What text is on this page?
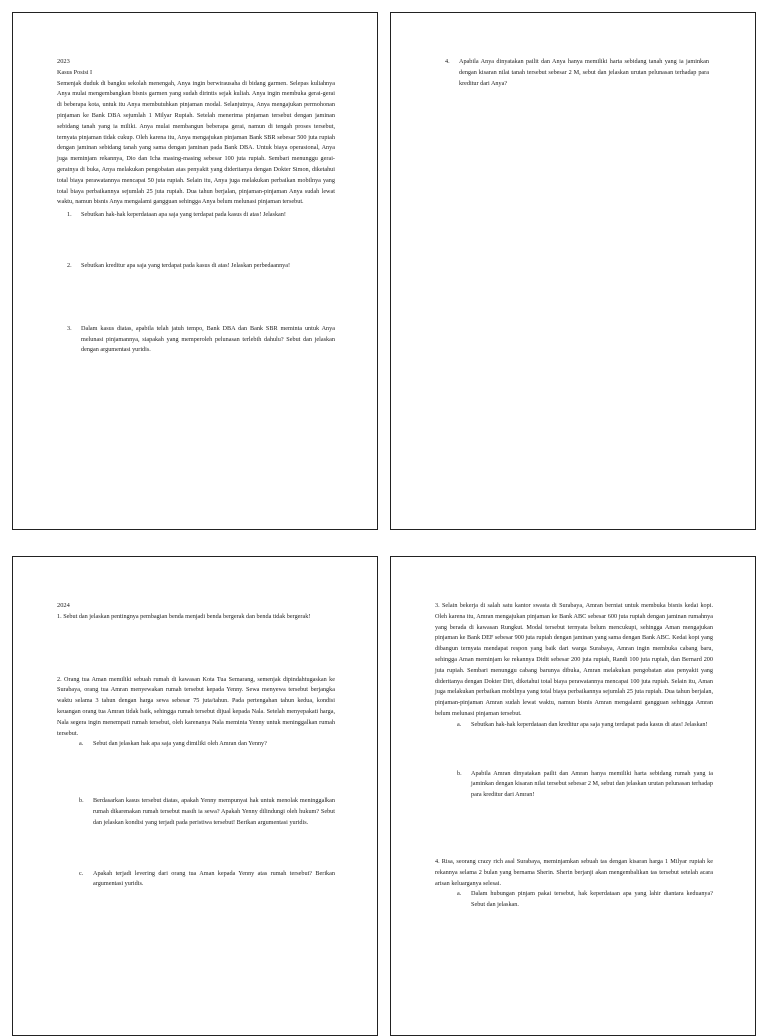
2023
Kasus Posisi I
Semenjak duduk di bangku sekolah menengah, Anya ingin berwirausaha di bidang garmen. Selepas kuliahnya Anya mulai mengembangkan bisnis garmen yang sudah dirintis sejak kuliah. Anya ingin membuka gerai-gerai di beberapa kota, untuk itu Anya membutuhkan pinjaman modal. Selanjutnya, Anya mengajukan permohonan pinjaman ke Bank DBA sejumlah 1 Milyar Rupiah. Setelah menerima pinjaman tersebut dengan jaminan sebidang tanah yang ia miliki. Anya mulai membangun beberapa gerai, namun di tengah proses tersebut, ternyata pinjaman tidak cukup. Oleh karena itu, Anya mengajukan pinjaman Bank SBR sebesar 500 juta rupiah dengan jaminan sebidang tanah yang sama dengan jaminan pada Bank DBA. Untuk biaya operasional, Anya juga meminjam rekannya, Dio dan Icha masing-masing sebesar 100 juta rupiah. Sembari menunggu gerai-gerainya di buka, Anya melakukan pengobatan atas penyakit yang dideritanya dengan Dokter Simon, diketahui total biaya perawatannya mencapai 50 juta rupiah. Selain itu, Anya juga melakukan perbaikan mobilnya yang total biaya perbaikannya sejumlah 25 juta rupiah. Dua tahun berjalan, pinjaman-pinjaman Anya sudah lewat waktu, namun bisnis Anya mengalami gangguan sehingga Anya belum melunasi pinjaman tersebut.
1.	Sebutkan hak-hak keperdataan apa saja yang terdapat pada kasus di atas! Jelaskan!
2.	Sebutkan kreditur apa saja yang terdapat pada kasus di atas! Jelaskan perbedaannya!
3.	Dalam kasus diatas, apabila telah jatuh tempo, Bank DBA dan Bank SBR meminta untuk Anya melunasi pinjamannya, siapakah yang memperoleh pelunasan terlebih dahulu? Sebut dan jelaskan dengan argumentasi yuridis.
4.	Apabila Anya dinyatakan pailit dan Anya hanya memiliki harta sebidang tanah yang ia jaminkan dengan kisaran nilai tanah tersebut sebesar 2 M, sebut dan jelaskan urutan pelunasan terhadap para kreditur dari Anya?
2024
1. Sebut dan jelaskan pentingnya pembagian benda menjadi benda bergerak dan benda tidak bergerak!
2. Orang tua Aman memiliki sebuah rumah di kawasan Kota Tua Semarang, semenjak dipindahtugaskan ke Surabaya, orang tua Amran menyewakan rumah tersebut kepada Yenny. Sewa menyewa tersebut berjangka waktu selama 3 tahun dengan harga sewa sebesar 75 juta/tahun. Pada pertengahan tahun kedua, kondisi keuangan orang tua Amran tidak baik, sehingga rumah tersebut dijual kepada Nala. Setelah menyepakati harga, Nala segera ingin menempati rumah tersebut, oleh karenanya Nala meminta Yenny untuk meninggalkan rumah tersebut.
a.	Sebut dan jelaskan hak apa saja yang dimiliki oleh Amran dan Yenny?
b.	Berdasarkan kasus tersebut diatas, apakah Yenny mempunyai hak untuk menolak meninggalkan rumah dikarenakan rumah tersebut masih ia sewa? Apakah Yenny dilindungi oleh hukum? Sebut dan jelaskan kondisi yang terjadi pada peristiwa tersebut! Berikan argumentasi yuridis.
c.	Apakah terjadi levering dari orang tua Aman kepada Yenny atas rumah tersebut? Berikan argumentasi yuridis.
3. Selain bekerja di salah satu kantor swasta di Surabaya, Amran berniat untuk membuka bisnis kedai kopi. Oleh karena itu, Amran mengajukan pinjaman ke Bank ABC sebesar 600 juta rupiah dengan jaminan rumahnya yang berada di kawasan Rungkut. Modal tersebut ternyata belum mencukupi, sehingga Aman mengajukan pinjaman ke Bank DEF sebesar 900 juta rupiah dengan jaminan yang sama dengan Bank ABC. Kedai kopi yang dibangun ternyata mendapat respon yang baik dari warga Surabaya, Amran ingin membuka cabang baru, sehingga Aman meminjam ke rekannya Didit sebesar 200 juta rupiah, Randi 100 juta rupiah, dan Bernard 200 juta rupiah. Sembari menunggu cabang barunya dibuka, Amran melakukan pengobatan atas penyakit yang dideritanya dengan Dokter Diri, diketahui total biaya perawatannya mencapai 100 juta rupiah. Selain itu, Aman juga melakukan perbaikan mobilnya yang total biaya perbaikannya sejumlah 25 juta rupiah. Dua tahun berjalan, pinjaman-pinjaman Amran sudah lewat waktu, namun bisnis Amran mengalami gangguan sehingga Amran belum melunasi pinjaman tersebut.
a.	Sebutkan hak-hak keperdataan dan kreditur apa saja yang terdapat pada kasus di atas! Jelaskan!
b.	Apabila Amran dinyatakan pailit dan Amran hanya memiliki harta sebidang rumah yang ia jaminkan dengan kisaran nilai tersebut sebesar 2 M, sebut dan jelaskan urutan pelunasan terhadap para kreditur dari Amran!
4. Risa, seorang crazy rich asal Surabaya, meminjamkan sebuah tas dengan kisaran harga 1 Milyar rupiah ke rekannya selama 2 bulan yang bernama Sherin. Sherin berjanji akan mengembalikan tas tersebut setelah acara arisan keluarganya selesai.
a.	Dalam hubungan pinjam pakai tersebut, hak keperdataan apa yang lahir diantara keduanya? Sebut dan jelaskan.
